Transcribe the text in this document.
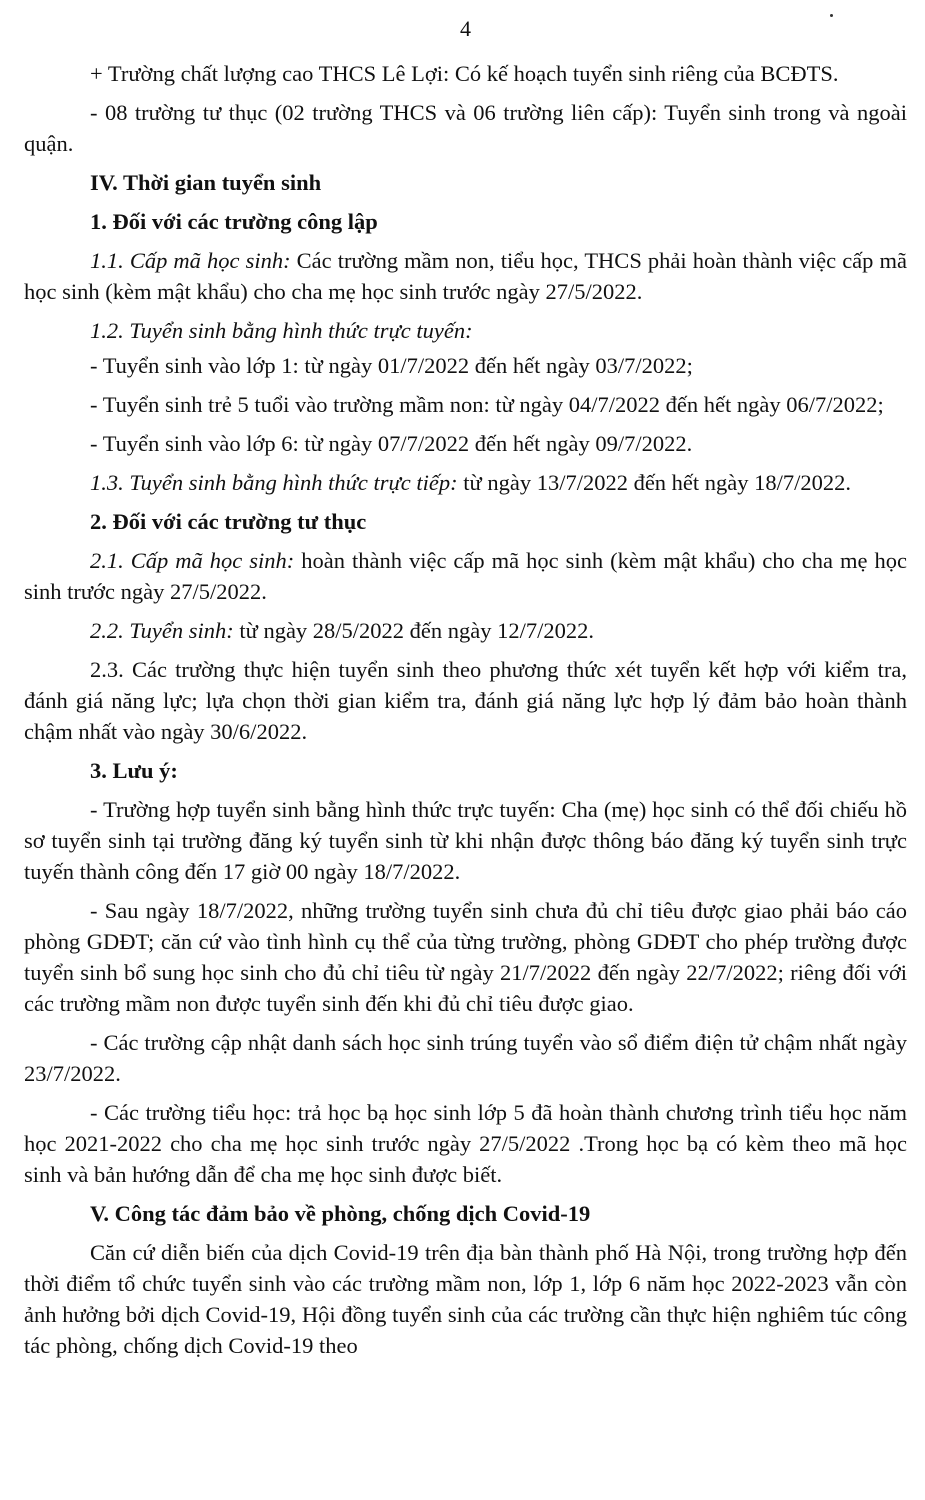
4

+ Trường chất lượng cao THCS Lê Lợi: Có kế hoạch tuyển sinh riêng của BCĐTS.

- 08 trường tư thục (02 trường THCS và 06 trường liên cấp): Tuyển sinh trong và ngoài quận.

IV. Thời gian tuyển sinh

1. Đối với các trường công lập

1.1. Cấp mã học sinh: Các trường mầm non, tiểu học, THCS phải hoàn thành việc cấp mã học sinh (kèm mật khẩu) cho cha mẹ học sinh trước ngày 27/5/2022.

1.2. Tuyển sinh bằng hình thức trực tuyến:

- Tuyển sinh vào lớp 1: từ ngày 01/7/2022 đến hết ngày 03/7/2022;

- Tuyển sinh trẻ 5 tuổi vào trường mầm non: từ ngày 04/7/2022 đến hết ngày 06/7/2022;

- Tuyển sinh vào lớp 6: từ ngày 07/7/2022 đến hết ngày 09/7/2022.

1.3. Tuyển sinh bằng hình thức trực tiếp: từ ngày 13/7/2022 đến hết ngày 18/7/2022.

2. Đối với các trường tư thục

2.1. Cấp mã học sinh: hoàn thành việc cấp mã học sinh (kèm mật khẩu) cho cha mẹ học sinh trước ngày 27/5/2022.

2.2. Tuyển sinh: từ ngày 28/5/2022 đến ngày 12/7/2022.

2.3. Các trường thực hiện tuyển sinh theo phương thức xét tuyển kết hợp với kiểm tra, đánh giá năng lực; lựa chọn thời gian kiểm tra, đánh giá năng lực hợp lý đảm bảo hoàn thành chậm nhất vào ngày 30/6/2022.

3. Lưu ý:

- Trường hợp tuyển sinh bằng hình thức trực tuyến: Cha (mẹ) học sinh có thể đối chiếu hồ sơ tuyển sinh tại trường đăng ký tuyển sinh từ khi nhận được thông báo đăng ký tuyển sinh trực tuyến thành công đến 17 giờ 00 ngày 18/7/2022.

- Sau ngày 18/7/2022, những trường tuyển sinh chưa đủ chỉ tiêu được giao phải báo cáo phòng GDĐT; căn cứ vào tình hình cụ thể của từng trường, phòng GDĐT cho phép trường được tuyển sinh bổ sung học sinh cho đủ chỉ tiêu từ ngày 21/7/2022 đến ngày 22/7/2022; riêng đối với các trường mầm non được tuyển sinh đến khi đủ chỉ tiêu được giao.

- Các trường cập nhật danh sách học sinh trúng tuyển vào sổ điểm điện tử chậm nhất ngày 23/7/2022.

- Các trường tiểu học: trả học bạ học sinh lớp 5 đã hoàn thành chương trình tiểu học năm học 2021-2022 cho cha mẹ học sinh trước ngày 27/5/2022 .Trong học bạ có kèm theo mã học sinh và bản hướng dẫn để cha mẹ học sinh được biết.

V. Công tác đảm bảo về phòng, chống dịch Covid-19

Căn cứ diễn biến của dịch Covid-19 trên địa bàn thành phố Hà Nội, trong trường hợp đến thời điểm tổ chức tuyển sinh vào các trường mầm non, lớp 1, lớp 6 năm học 2022-2023 vẫn còn ảnh hưởng bởi dịch Covid-19, Hội đồng tuyển sinh của các trường cần thực hiện nghiêm túc công tác phòng, chống dịch Covid-19 theo
